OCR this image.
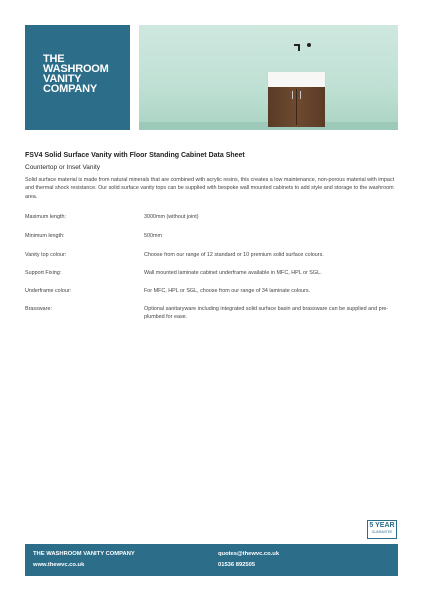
THE
WASHROOM
VANITY
COMPANY
FSV4 Solid Surface Vanity with Floor Standing Cabinet Data Sheet
Countertop or Inset Vanity
Solid surface material is made from natural minerals that are combined with acrylic resins, this creates a low maintenance, non-porous material with impact and thermal shock resistance. Our solid surface vanity tops can be supplied with bespoke wall mounted cabinets to add style and storage to the washroom area.
Maximum length:	3000mm (without joint)
Minimum length:	500mm
Vanity top colour:	Choose from our range of 12 standard or 10 premium solid surface colours.
Support Fixing:	Wall mounted laminate cabinet underframe available in MFC, HPL or SGL.
Underframe colour:	For MFC, HPL or SGL, choose from our range of 34 laminate colours.
Brassware:	Optional sanitaryware including integrated solid surface basin and brassware can be supplied and pre-plumbed for ease.
5 YEAR
GUARANTEE
THE WASHROOM VANITY COMPANY
www.thewvc.co.uk
quotes@thewvc.co.uk
01536 892505
